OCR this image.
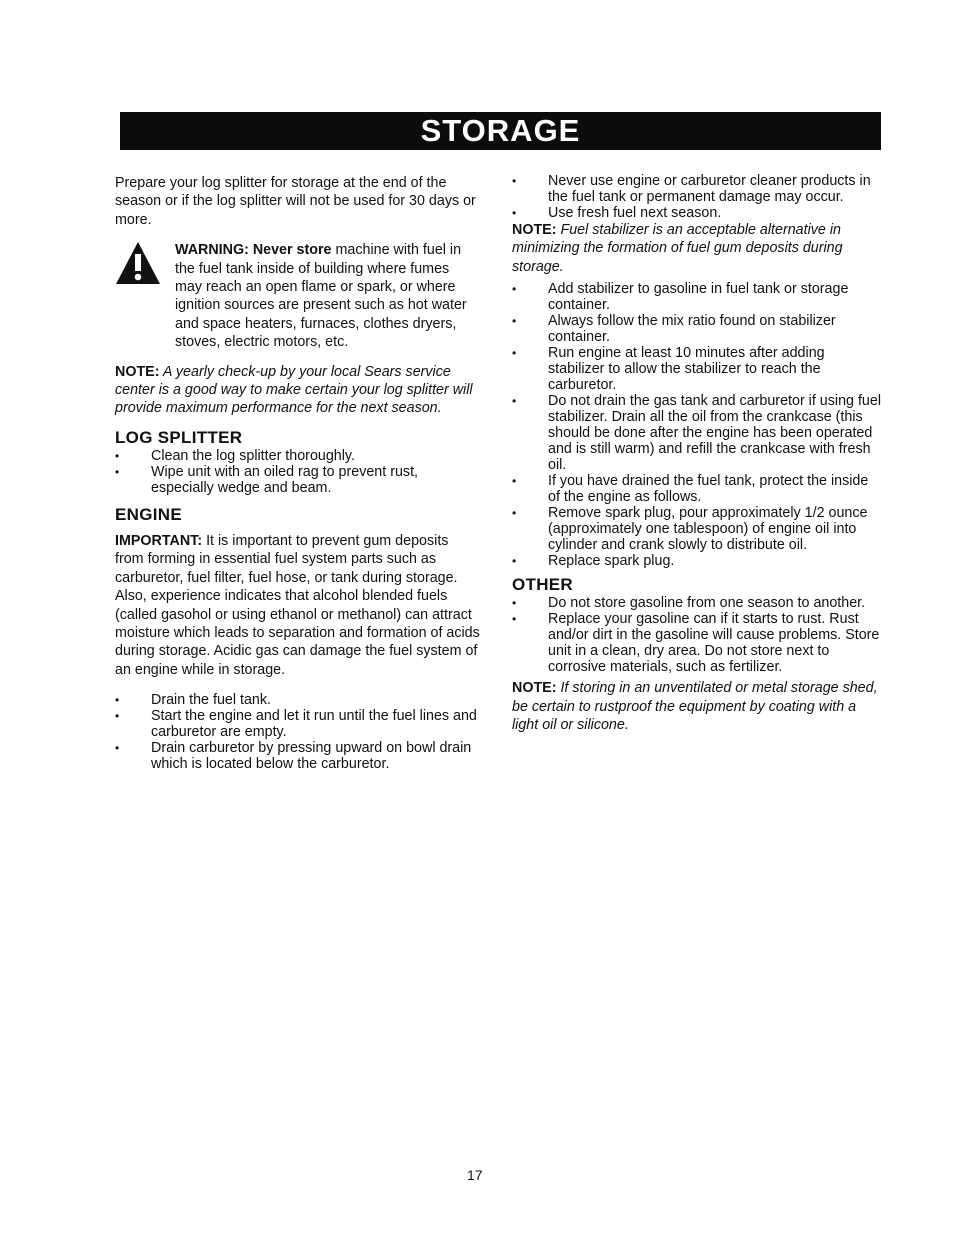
STORAGE

Prepare your log splitter for storage at the end of the season or if the log splitter will not be used for 30 days or more.

WARNING: Never store machine with fuel in the fuel tank inside of building where fumes may reach an open flame or spark, or where ignition sources are present such as hot water and space heaters, furnaces, clothes dryers, stoves, electric motors, etc.

NOTE: A yearly check-up by your local Sears service center is a good way to make certain your log splitter will provide maximum performance for the next season.

LOG SPLITTER
• Clean the log splitter thoroughly.
• Wipe unit with an oiled rag to prevent rust, especially wedge and beam.
ENGINE

IMPORTANT: It is important to prevent gum deposits from forming in essential fuel system parts such as carburetor, fuel filter, fuel hose, or tank during storage. Also, experience indicates that alcohol blended fuels (called gasohol or using ethanol or methanol) can attract moisture which leads to separation and formation of acids during storage. Acidic gas can damage the fuel system of an engine while in storage.

• Drain the fuel tank.
• Start the engine and let it run until the fuel lines and carburetor are empty.
• Drain carburetor by pressing upward on bowl drain which is located below the carburetor.
• Never use engine or carburetor cleaner products in the fuel tank or permanent damage may occur.
• Use fresh fuel next season.

NOTE: Fuel stabilizer is an acceptable alternative in minimizing the formation of fuel gum deposits during storage.

• Add stabilizer to gasoline in fuel tank or storage container.
• Always follow the mix ratio found on stabilizer container.
• Run engine at least 10 minutes after adding stabilizer to allow the stabilizer to reach the carburetor.
• Do not drain the gas tank and carburetor if using fuel stabilizer. Drain all the oil from the crankcase (this should be done after the engine has been operated and is still warm) and refill the crankcase with fresh oil.
• If you have drained the fuel tank, protect the inside of the engine as follows.
• Remove spark plug, pour approximately 1/2 ounce (approximately one tablespoon) of engine oil into cylinder and crank slowly to distribute oil.
• Replace spark plug.
OTHER
• Do not store gasoline from one season to another.
• Replace your gasoline can if it starts to rust. Rust and/or dirt in the gasoline will cause problems. Store unit in a clean, dry area. Do not store next to corrosive materials, such as fertilizer.

NOTE: If storing in an unventilated or metal storage shed, be certain to rustproof the equipment by coating with a light oil or silicone.

17
